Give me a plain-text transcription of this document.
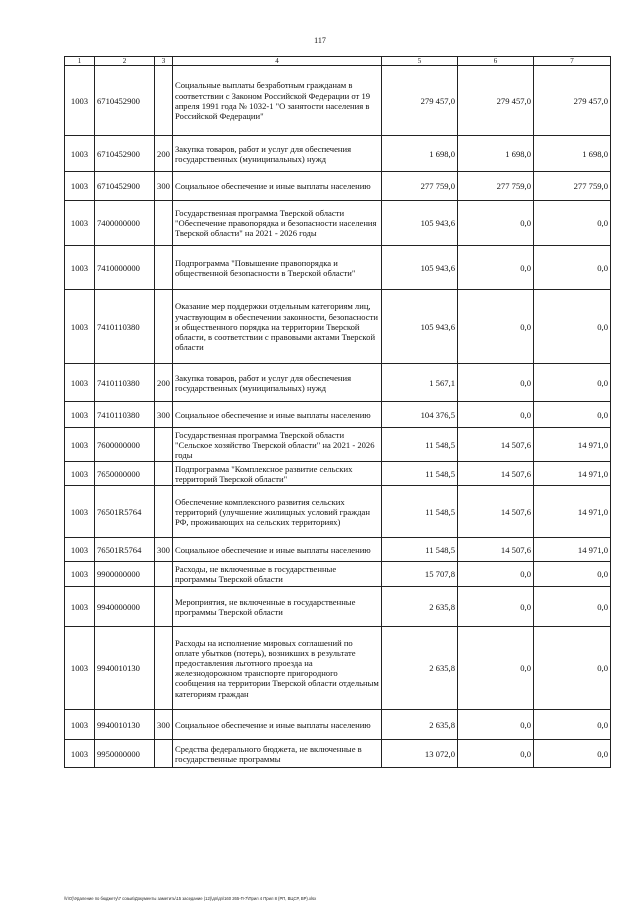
117
1	2	3	4	5	6	7
1003	6710452900		Социальные выплаты безработным гражданам в соответствии с Законом Российской Федерации от 19 апреля 1991 года № 1032-1 "О занятости населения в Российской Федерации"	279 457,0	279 457,0	279 457,0
1003	6710452900	200	Закупка товаров, работ и услуг для обеспечения государственных (муниципальных) нужд	1 698,0	1 698,0	1 698,0
1003	6710452900	300	Социальное обеспечение и иные выплаты населению	277 759,0	277 759,0	277 759,0
1003	7400000000		Государственная программа Тверской области "Обеспечение правопорядка и безопасности населения Тверской области" на 2021 - 2026 годы	105 943,6	0,0	0,0
1003	7410000000		Подпрограмма "Повышение правопорядка и общественной безопасности в Тверской области"	105 943,6	0,0	0,0
1003	7410110380		Оказание мер поддержки отдельным категориям лиц, участвующим в обеспечении законности, безопасности и общественного порядка на территории Тверской области, в соответствии с правовыми актами Тверской области	105 943,6	0,0	0,0
1003	7410110380	200	Закупка товаров, работ и услуг для обеспечения государственных (муниципальных) нужд	1 567,1	0,0	0,0
1003	7410110380	300	Социальное обеспечение и иные выплаты населению	104 376,5	0,0	0,0
1003	7600000000		Государственная программа Тверской области "Сельское хозяйство Тверской области" на 2021 - 2026 годы	11 548,5	14 507,6	14 971,0
1003	7650000000		Подпрограмма "Комплексное развитие сельских территорий Тверской области"	11 548,5	14 507,6	14 971,0
1003	76501R5764		Обеспечение комплексного развития сельских территорий (улучшение жилищных условий граждан РФ, проживающих на сельских территориях)	11 548,5	14 507,6	14 971,0
1003	76501R5764	300	Социальное обеспечение и иные выплаты населению	11 548,5	14 507,6	14 971,0
1003	9900000000		Расходы, не включенные в государственные программы Тверской области	15 707,8	0,0	0,0
1003	9940000000		Мероприятия, не включенные в государственные программы Тверской области	2 635,8	0,0	0,0
1003	9940010130		Расходы на исполнение мировых соглашений по оплате убытков (потерь), возникших в результате предоставления льготного проезда на железнодорожном транспорте пригородного сообщения на территории Тверской области отдельным категориям граждан	2 635,8	0,0	0,0
1003	9940010130	300	Социальное обеспечение и иные выплаты населению	2 635,8	0,0	0,0
1003	9950000000		Средства федерального бюджета, не включенные в государственные программы	13 072,0	0,0	0,0
\\r\O)\Удаление по бюджету\7 созыв\Документы заметить\15 заседание (12)\дп\дп\160 265-П-7\Прил 4 Прил 8 (РП, ВЦСР, ВР).xlsx
